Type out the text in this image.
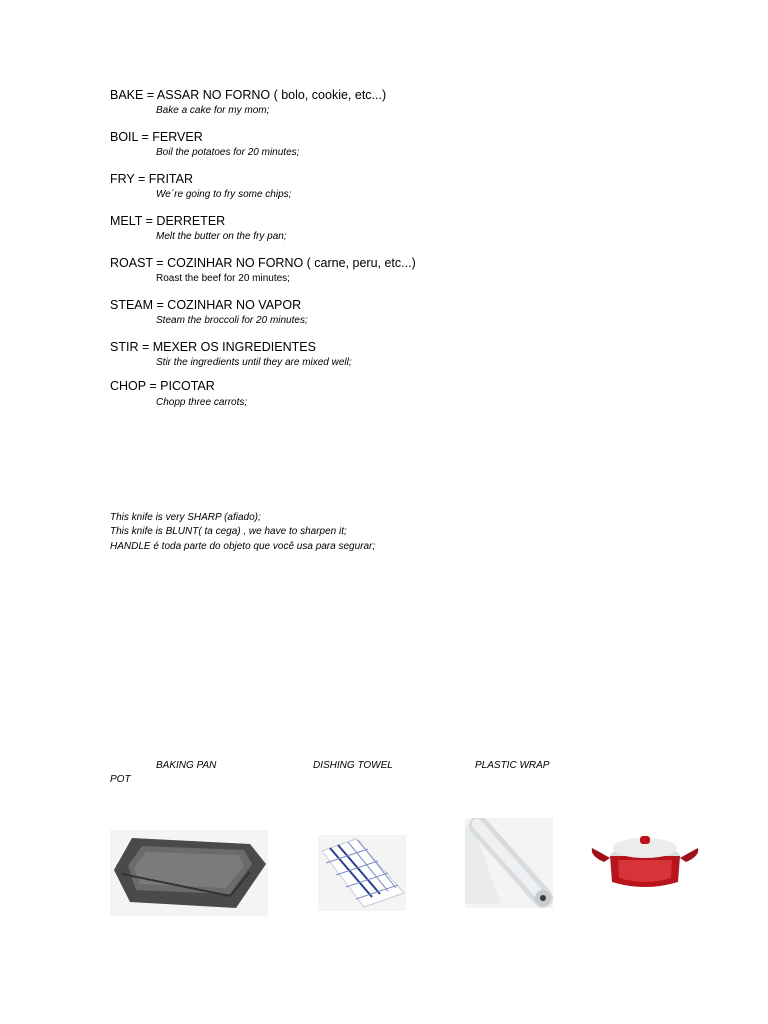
BAKE = ASSAR NO FORNO ( bolo, cookie, etc...)
Bake a cake for my mom;
BOIL = FERVER
Boil the potatoes for 20 minutes;
FRY = FRITAR
We´re going to fry some chips;
MELT = DERRETER
Melt the butter on the fry pan;
ROAST = COZINHAR NO FORNO ( carne, peru, etc...)
Roast the beef for 20 minutes;
STEAM = COZINHAR NO VAPOR
Steam the broccoli for 20 minutes;
STIR = MEXER OS INGREDIENTES
Stir the ingredients until they are mixed well;
CHOP = PICOTAR
Chopp three carrots;
This knife is very SHARP (afiado);
This knife is BLUNT( ta cega) , we have to sharpen it;
HANDLE é toda parte do objeto que você usa para segurar;
BAKING PAN	DISHING TOWEL	PLASTIC WRAP
POT
